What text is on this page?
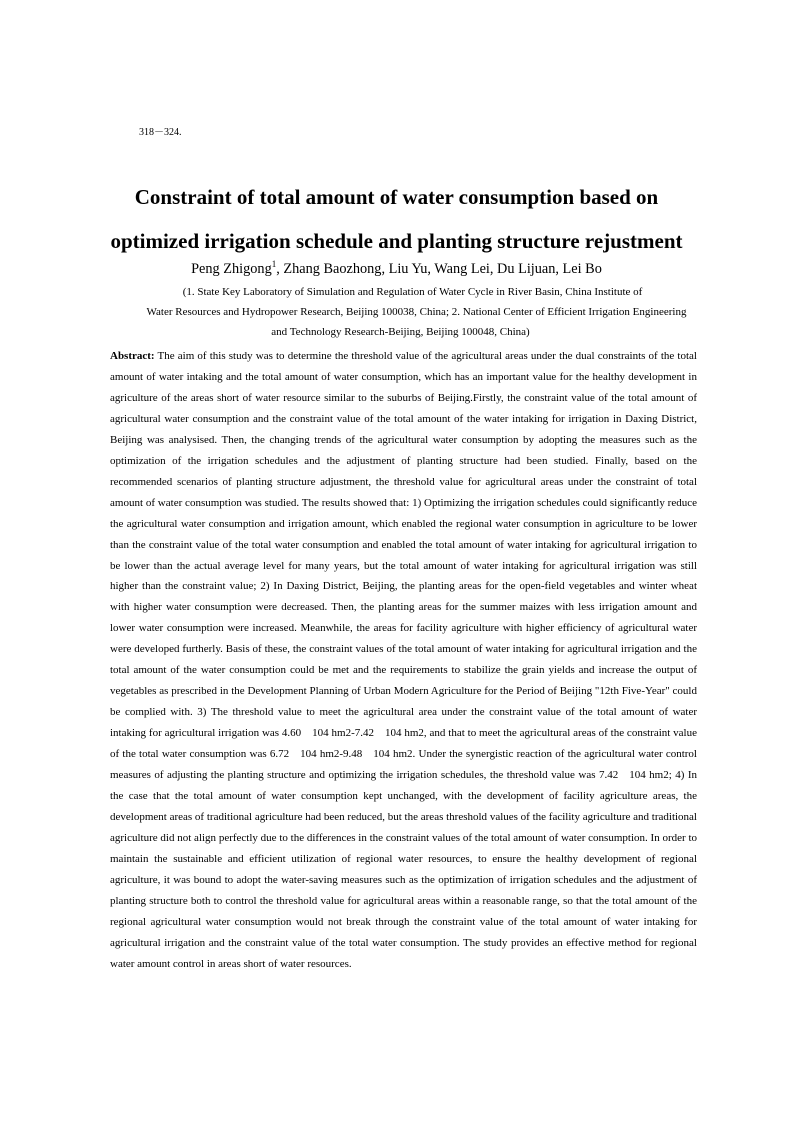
318－324.
Constraint of total amount of water consumption based on
optimized irrigation schedule and planting structure rejustment
Peng Zhigong$^1$, Zhang Baozhong, Liu Yu, Wang Lei, Du Lijuan, Lei Bo
(1. State Key Laboratory of Simulation and Regulation of Water Cycle in River Basin, China Institute of
Water Resources and Hydropower Research, Beijing 100038, China; 2. National Center of Efficient Irrigation Engineering
and Technology Research-Beijing, Beijing 100048, China)
Abstract: The aim of this study was to determine the threshold value of the agricultural areas under the dual constraints of the total amount of water intaking and the total amount of water consumption, which has an important value for the healthy development in agriculture of the areas short of water resource similar to the suburbs of Beijing.Firstly, the constraint value of the total amount of agricultural water consumption and the constraint value of the total amount of the water intaking for irrigation in Daxing District, Beijing was analysised. Then, the changing trends of the agricultural water consumption by adopting the measures such as the optimization of the irrigation schedules and the adjustment of planting structure had been studied. Finally, based on the recommended scenarios of planting structure adjustment, the threshold value for agricultural areas under the constraint of total amount of water consumption was studied. The results showed that: 1) Optimizing the irrigation schedules could significantly reduce the agricultural water consumption and irrigation amount, which enabled the regional water consumption in agriculture to be lower than the constraint value of the total water consumption and enabled the total amount of water intaking for agricultural irrigation to be lower than the actual average level for many years, but the total amount of water intaking for agricultural irrigation was still higher than the constraint value; 2) In Daxing District, Beijing, the planting areas for the open-field vegetables and winter wheat with higher water consumption were decreased. Then, the planting areas for the summer maizes with less irrigation amount and lower water consumption were increased. Meanwhile, the areas for facility agriculture with higher efficiency of agricultural water were developed furtherly. Basis of these, the constraint values of the total amount of water intaking for agricultural irrigation and the total amount of the water consumption could be met and the requirements to stabilize the grain yields and increase the output of vegetables as prescribed in the Development Planning of Urban Modern Agriculture for the Period of Beijing "12th Five-Year" could be complied with. 3) The threshold value to meet the agricultural area under the constraint value of the total amount of water intaking for agricultural irrigation was 4.60 104 hm2-7.42 104 hm2, and that to meet the agricultural areas of the constraint value of the total water consumption was 6.72 104 hm2-9.48 104 hm2. Under the synergistic reaction of the agricultural water control measures of adjusting the planting structure and optimizing the irrigation schedules, the threshold value was 7.42 104 hm2; 4) In the case that the total amount of water consumption kept unchanged, with the development of facility agriculture areas, the development areas of traditional agriculture had been reduced, but the areas threshold values of the facility agriculture and traditional agriculture did not align perfectly due to the differences in the constraint values of the total amount of water consumption. In order to maintain the sustainable and efficient utilization of regional water resources, to ensure the healthy development of regional agriculture, it was bound to adopt the water-saving measures such as the optimization of irrigation schedules and the adjustment of planting structure both to control the threshold value for agricultural areas within a reasonable range, so that the total amount of the regional agricultural water consumption would not break through the constraint value of the total amount of water intaking for agricultural irrigation and the constraint value of the total water consumption. The study provides an effective method for regional water amount control in areas short of water resources.
